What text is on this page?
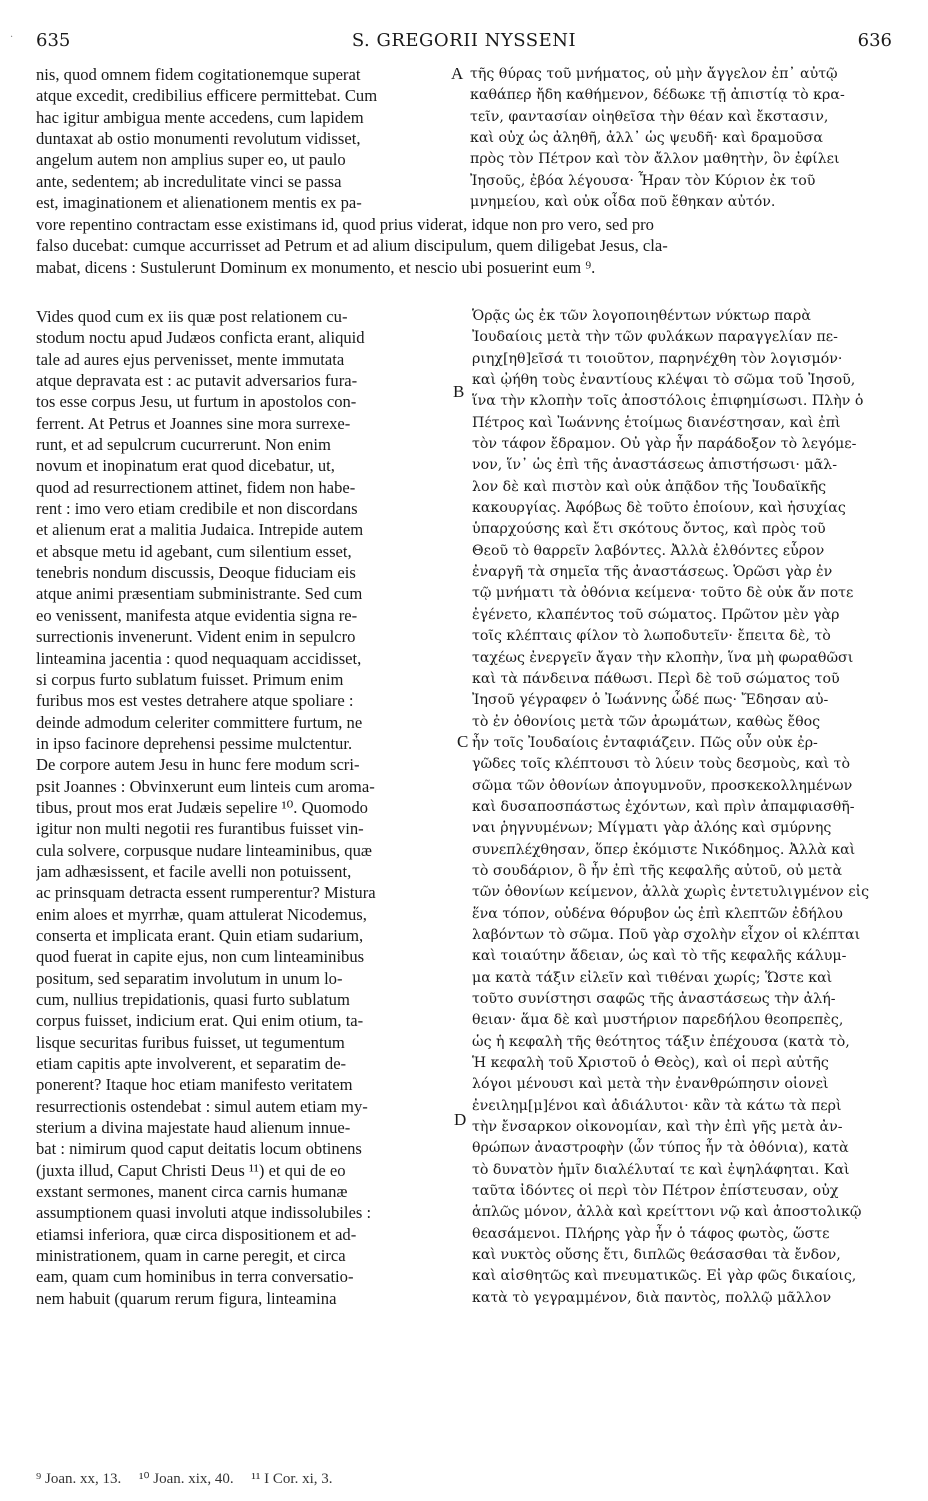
· 635	S. GREGORII NYSSENI	636
A
B
C
D
nis, quod omnem fidem cogitationemque superat
atque excedit, credibilius efficere permittebat. Cum
hac igitur ambigua mente accedens, cum lapidem
duntaxat ab ostio monumenti revolutum vidisset,
angelum autem non amplius super eo, ut paulo
ante, sedentem; ab incredulitate vinci se passa
est, imaginationem et alienationem mentis ex pa-
τῆς θύρας τοῦ μνήματος, οὐ μὴν ἄγγελον ἐπ᾿ αὐτῷ
καθάπερ ἤδη καθήμενον, δέδωκε τῇ ἀπιστίᾳ τὸ κρα-
τεῖν, φαντασίαν οἰηθεῖσα τὴν θέαν καὶ ἔκστασιν,
καὶ οὐχ ὡς ἀληθῆ, ἀλλ᾿ ὡς ψευδῆ· καὶ δραμοῦσα
πρὸς τὸν Πέτρον καὶ τὸν ἄλλον μαθητὴν, ὃν ἐφίλει
Ἰησοῦς, ἐβόα λέγουσα· Ἦραν τὸν Κύριον ἐκ τοῦ
μνημείου, καὶ οὐκ οἶδα ποῦ ἔθηκαν αὐτόν.
vore repentino contractam esse existimans id, quod prius viderat, idque non pro vero, sed pro
falso ducebat: cumque accurrisset ad Petrum et ad alium discipulum, quem diligebat Jesus, cla-
mabat, dicens : Sustulerunt Dominum ex monumento, et nescio ubi posuerint eum ⁹.
Vides quod cum ex iis quæ post relationem cu-
stodum noctu apud Judæos conficta erant, aliquid
tale ad aures ejus pervenisset, mente immutata
atque depravata est : ac putavit adversarios fura-
tos esse corpus Jesu, ut furtum in apostolos con-
ferrent. At Petrus et Joannes sine mora surrexe-
runt, et ad sepulcrum cucurrerunt. Non enim
novum et inopinatum erat quod dicebatur, ut,
quod ad resurrectionem attinet, fidem non habe-
rent : imo vero etiam credibile et non discordans
et alienum erat a malitia Judaica. Intrepide autem
et absque metu id agebant, cum silentium esset,
tenebris nondum discussis, Deoque fiduciam eis
atque animi præsentiam subministrante. Sed cum
eo venissent, manifesta atque evidentia signa re-
surrectionis invenerunt. Vident enim in sepulcro
linteamina jacentia : quod nequaquam accidisset,
si corpus furto sublatum fuisset. Primum enim
furibus mos est vestes detrahere atque spoliare :
deinde admodum celeriter committere furtum, ne
in ipso facinore deprehensi pessime mulctentur.
De corpore autem Jesu in hunc fere modum scri-
psit Joannes : Obvinxerunt eum linteis cum aroma-
tibus, prout mos erat Judæis sepelire ¹⁰. Quomodo
igitur non multi negotii res furantibus fuisset vin-
cula solvere, corpusque nudare linteaminibus, quæ
jam adhæsissent, et facile avelli non potuissent,
ac prinsquam detracta essent rumperentur? Mistura
enim aloes et myrrhæ, quam attulerat Nicodemus,
conserta et implicata erant. Quin etiam sudarium,
quod fuerat in capite ejus, non cum linteaminibus
positum, sed separatim involutum in unum lo-
cum, nullius trepidationis, quasi furto sublatum
corpus fuisset, indicium erat. Qui enim otium, ta-
lisque securitas furibus fuisset, ut tegumentum
etiam capitis apte involverent, et separatim de-
ponerent? Itaque hoc etiam manifesto veritatem
resurrectionis ostendebat : simul autem etiam my-
sterium a divina majestate haud alienum innue-
bat : nimirum quod caput deitatis locum obtinens
(juxta illud, Caput Christi Deus ¹¹) et qui de eo
exstant sermones, manent circa carnis humanæ
assumptionem quasi involuti atque indissolubiles :
etiamsi inferiora, quæ circa dispositionem et ad-
ministrationem, quam in carne peregit, et circa
eam, quam cum hominibus in terra conversatio-
nem habuit (quarum rerum figura, linteamina
Ὁρᾷς ὡς ἐκ τῶν λογοποιηθέντων νύκτωρ παρὰ
Ἰουδαίοις μετὰ τὴν τῶν φυλάκων παραγγελίαν πε-
ριηχ[ηθ]εῖσά τι τοιοῦτον, παρηνέχθη τὸν λογισμόν·
καὶ ᾠήθη τοὺς ἐναντίους κλέψαι τὸ σῶμα τοῦ Ἰησοῦ,
ἵνα τὴν κλοπὴν τοῖς ἀποστόλοις ἐπιφημίσωσι. Πλὴν ὁ
Πέτρος καὶ Ἰωάννης ἑτοίμως διανέστησαν, καὶ ἐπὶ
τὸν τάφον ἔδραμον. Οὐ γὰρ ἦν παράδοξον τὸ λεγόμε-
νον, ἵν᾿ ὡς ἐπὶ τῆς ἀναστάσεως ἀπιστήσωσι· μᾶλ-
λον δὲ καὶ πιστὸν καὶ οὐκ ἀπᾷδον τῆς Ἰουδαϊκῆς
κακουργίας. Ἀφόβως δὲ τοῦτο ἐποίουν, καὶ ἡσυχίας
ὑπαρχούσης καὶ ἔτι σκότους ὄντος, καὶ πρὸς τοῦ
Θεοῦ τὸ θαρρεῖν λαβόντες. Ἀλλὰ ἐλθόντες εὗρον
ἐναργῆ τὰ σημεῖα τῆς ἀναστάσεως. Ὁρῶσι γὰρ ἐν
τῷ μνήματι τὰ ὀθόνια κείμενα· τοῦτο δὲ οὐκ ἄν ποτε
ἐγένετο, κλαπέντος τοῦ σώματος. Πρῶτον μὲν γὰρ
τοῖς κλέπταις φίλον τὸ λωποδυτεῖν· ἔπειτα δὲ, τὸ
ταχέως ἐνεργεῖν ἄγαν τὴν κλοπὴν, ἵνα μὴ φωραθῶσι
καὶ τὰ πάνδεινα πάθωσι. Περὶ δὲ τοῦ σώματος τοῦ
Ἰησοῦ γέγραφεν ὁ Ἰωάννης ὧδέ πως· Ἔδησαν αὐ-
τὸ ἐν ὀθονίοις μετὰ τῶν ἀρωμάτων, καθὼς ἔθος
ἦν τοῖς Ἰουδαίοις ἐνταφιάζειν. Πῶς οὖν οὐκ ἐρ-
γῶδες τοῖς κλέπτουσι τὸ λύειν τοὺς δεσμοὺς, καὶ τὸ
σῶμα τῶν ὀθονίων ἀπογυμνοῦν, προσκεκολλημένων
καὶ δυσαποσπάστως ἐχόντων, καὶ πρὶν ἀπαμφιασθῆ-
ναι ῥηγνυμένων; Μίγματι γὰρ ἀλόης καὶ σμύρνης
συνεπλέχθησαν, ὅπερ ἐκόμιστε Νικόδημος. Ἀλλὰ καὶ
τὸ σουδάριον, ὃ ἦν ἐπὶ τῆς κεφαλῆς αὐτοῦ, οὐ μετὰ
τῶν ὀθονίων κείμενον, ἀλλὰ χωρὶς ἐντετυλιγμένον εἰς
ἕνα τόπον, οὐδένα θόρυβον ὡς ἐπὶ κλεπτῶν ἐδήλου
λαβόντων τὸ σῶμα. Ποῦ γὰρ σχολὴν εἶχον οἱ κλέπται
καὶ τοιαύτην ἄδειαν, ὡς καὶ τὸ τῆς κεφαλῆς κάλυμ-
μα κατὰ τάξιν εἰλεῖν καὶ τιθέναι χωρίς; Ὥστε καὶ
τοῦτο συνίστησι σαφῶς τῆς ἀναστάσεως τὴν ἀλή-
θειαν· ἅμα δὲ καὶ μυστήριον παρεδήλου θεοπρεπὲς,
ὡς ἡ κεφαλὴ τῆς θεότητος τάξιν ἐπέχουσα (κατὰ τὸ,
Ἡ κεφαλὴ τοῦ Χριστοῦ ὁ Θεὸς), καὶ οἱ περὶ αὐτῆς
λόγοι μένουσι καὶ μετὰ τὴν ἐνανθρώπησιν οἱονεὶ
ἐνειλημ[μ]ένοι καὶ ἀδιάλυτοι· κἂν τὰ κάτω τὰ περὶ
τὴν ἔνσαρκον οἰκονομίαν, καὶ τὴν ἐπὶ γῆς μετὰ ἀν-
θρώπων ἀναστροφὴν (ὧν τύπος ἦν τὰ ὀθόνια), κατὰ
τὸ δυνατὸν ἡμῖν διαλέλυταί τε καὶ ἐψηλάφηται. Καὶ
ταῦτα ἰδόντες οἱ περὶ τὸν Πέτρον ἐπίστευσαν, οὐχ
ἁπλῶς μόνον, ἀλλὰ καὶ κρείττονι νῷ καὶ ἀποστολικῷ
θεασάμενοι. Πλήρης γὰρ ἦν ὁ τάφος φωτὸς, ὥστε
καὶ νυκτὸς οὔσης ἔτι, διπλῶς θεάσασθαι τὰ ἔνδον,
καὶ αἰσθητῶς καὶ πνευματικῶς. Εἰ γὰρ φῶς δικαίοις,
κατὰ τὸ γεγραμμένον, διὰ παντὸς, πολλῷ μᾶλλον
⁹ Joan. xx, 13. ¹⁰ Joan. xix, 40. ¹¹ I Cor. xi, 3.
